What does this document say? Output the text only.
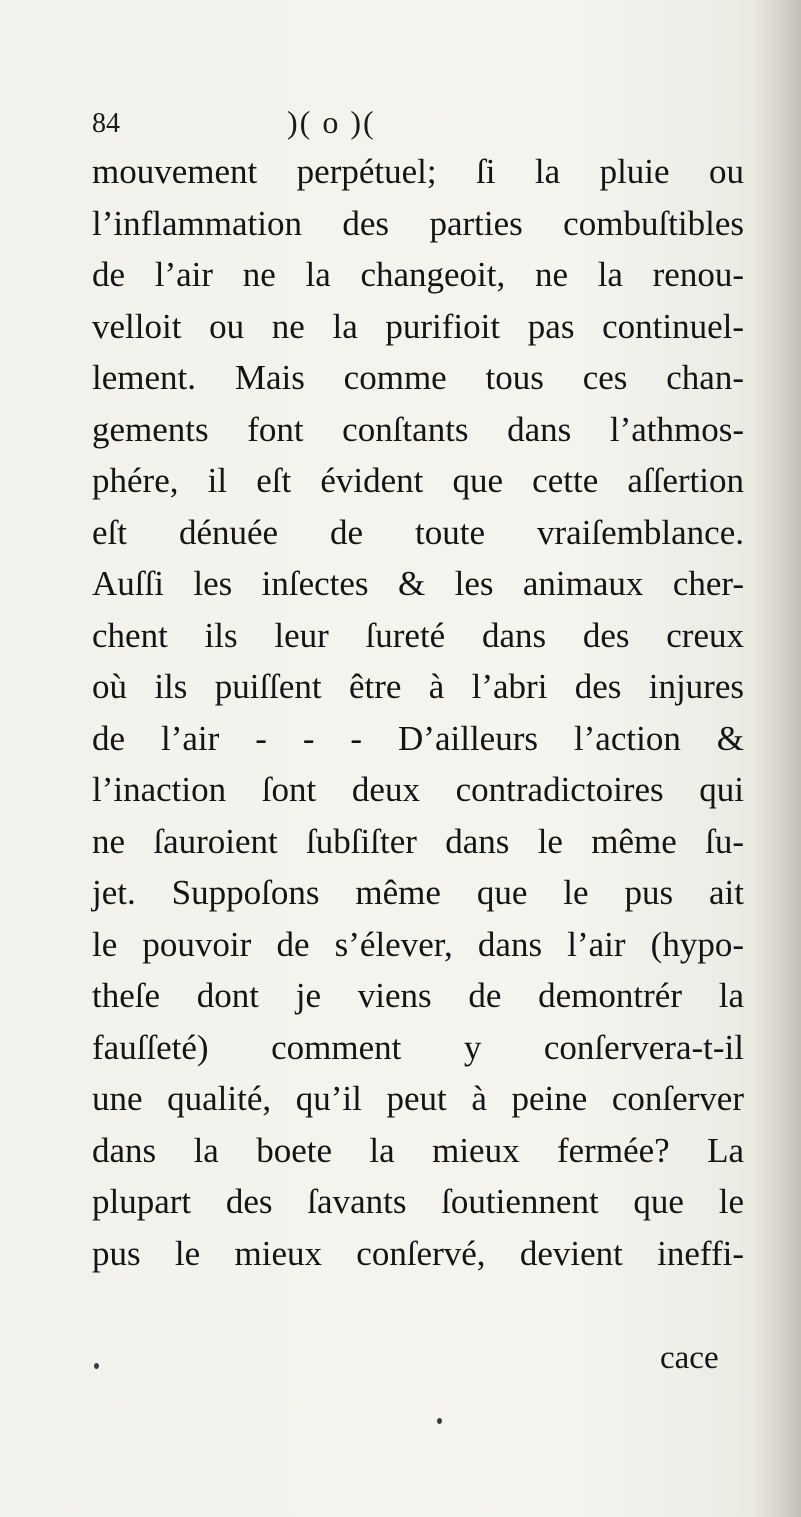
84	)( o )(
mouvement perpétuel; ſi la pluie ou
l’inflammation des parties combuſtibles
de l’air ne la changeoit, ne la renou-
velloit ou ne la purifioit pas continuel-
lement. Mais comme tous ces chan-
gements font conſtants dans l’athmos-
phére, il eſt évident que cette aſſertion
eſt dénuée de toute vraiſemblance.
Auſſi les inſectes & les animaux cher-
chent ils leur ſureté dans des creux
où ils puiſſent être à l’abri des injures
de l’air - - - D’ailleurs l’action &
l’inaction ſont deux contradictoires qui
ne ſauroient ſubſiſter dans le même ſu-
jet. Suppoſons même que le pus ait
le pouvoir de s’élever, dans l’air (hypo-
theſe dont je viens de demontrér la
fauſſeté) comment y conſervera-t-il
une qualité, qu’il peut à peine conſerver
dans la boete la mieux fermée? La
plupart des ſavants ſoutiennent que le
pus le mieux conſervé, devient ineffi-
cace
